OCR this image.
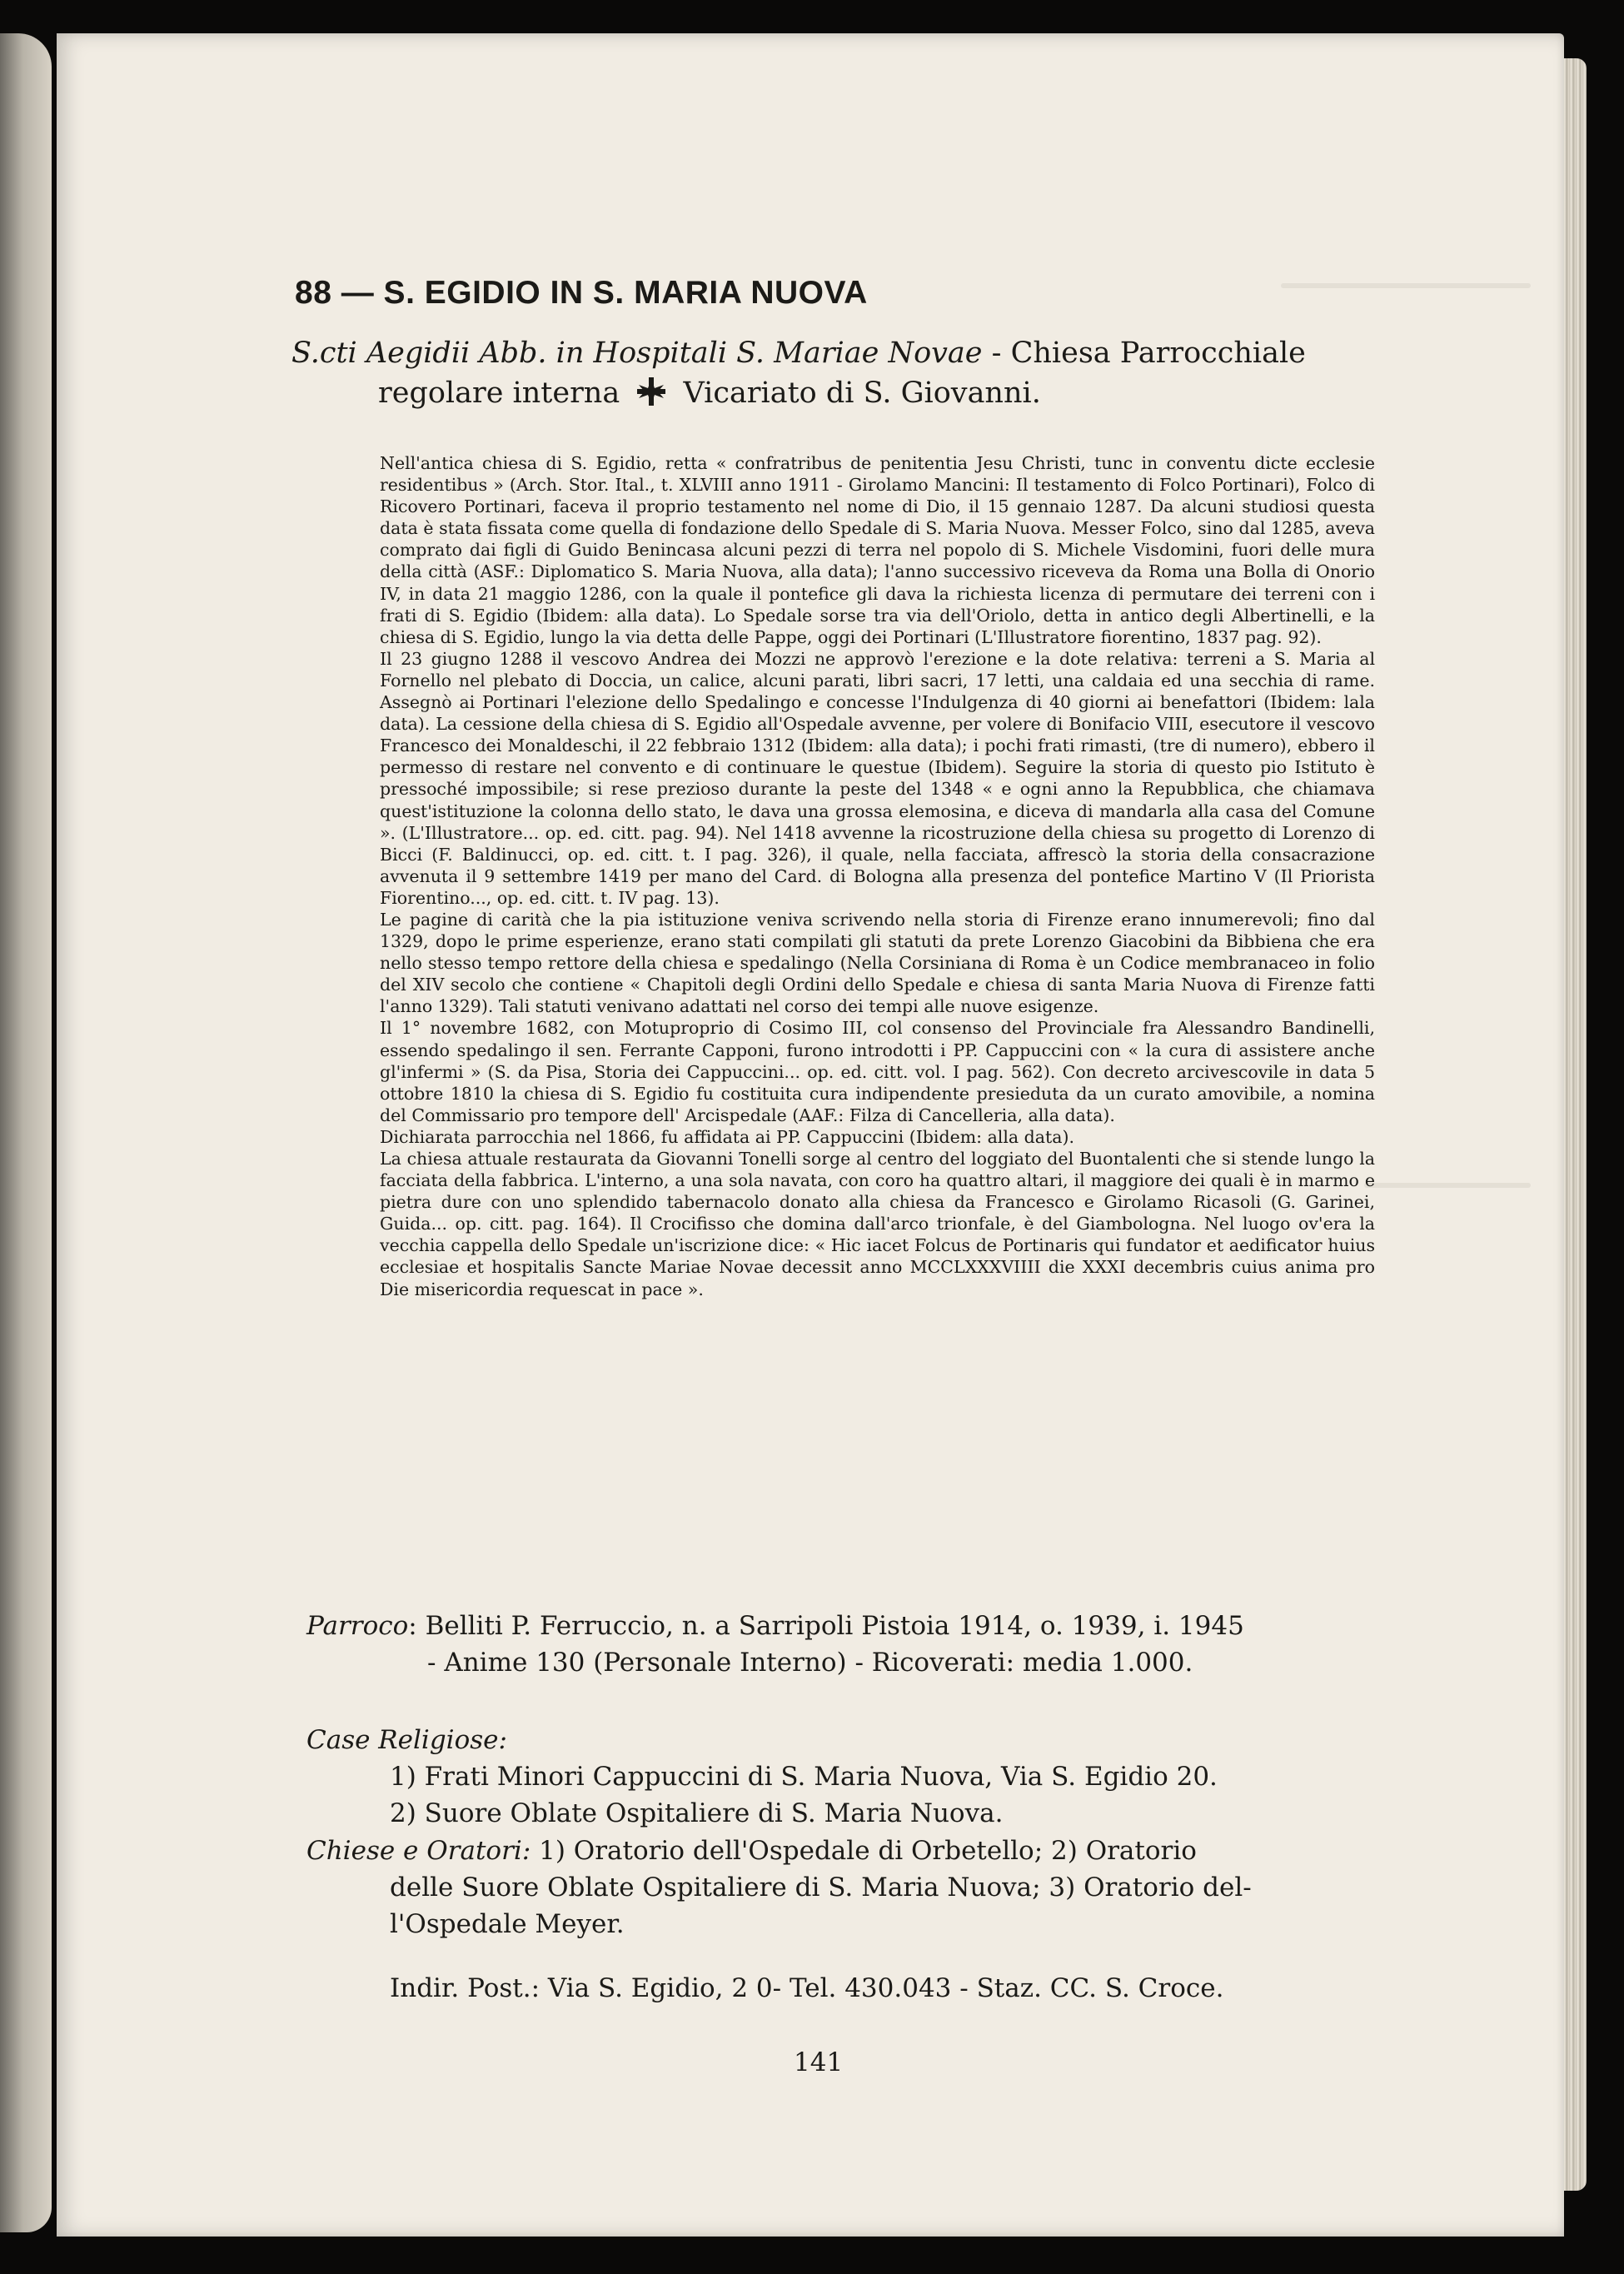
88 — S. EGIDIO IN S. MARIA NUOVA
S.cti Aegidii Abb. in Hospitali S. Mariae Novae - Chiesa Parrocchiale
regolare interna Vicariato di S. Giovanni.

Nell'antica chiesa di S. Egidio, retta « confratribus de penitentia Jesu Christi, tunc in conventu dicte ecclesie residentibus » (Arch. Stor. Ital., t. XLVIII anno 1911 - Girolamo Mancini: Il testamento di Folco Portinari), Folco di Ricovero Portinari, faceva il proprio testamento nel nome di Dio, il 15 gennaio 1287. Da alcuni studiosi questa data è stata fissata come quella di fondazione dello Spedale di S. Maria Nuova. Messer Folco, sino dal 1285, aveva comprato dai figli di Guido Benincasa alcuni pezzi di terra nel popolo di S. Michele Visdomini, fuori delle mura della città (ASF.: Diplomatico S. Maria Nuova, alla data); l'anno successivo riceveva da Roma una Bolla di Onorio IV, in data 21 maggio 1286, con la quale il pontefice gli dava la richiesta licenza di permutare dei terreni con i frati di S. Egidio (Ibidem: alla data). Lo Spedale sorse tra via dell'Oriolo, detta in antico degli Albertinelli, e la chiesa di S. Egidio, lungo la via detta delle Pappe, oggi dei Portinari (L'Illustratore fiorentino, 1837 pag. 92).

Il 23 giugno 1288 il vescovo Andrea dei Mozzi ne approvò l'erezione e la dote relativa: terreni a S. Maria al Fornello nel plebato di Doccia, un calice, alcuni parati, libri sacri, 17 letti, una caldaia ed una secchia di rame. Assegnò ai Portinari l'elezione dello Spedalingo e concesse l'Indulgenza di 40 giorni ai benefattori (Ibidem: lala data). La cessione della chiesa di S. Egidio all'Ospedale avvenne, per volere di Bonifacio VIII, esecutore il vescovo Francesco dei Monaldeschi, il 22 febbraio 1312 (Ibidem: alla data); i pochi frati rimasti, (tre di numero), ebbero il permesso di restare nel convento e di continuare le questue (Ibidem). Seguire la storia di questo pio Istituto è pressoché impossibile; si rese prezioso durante la peste del 1348 « e ogni anno la Repubblica, che chiamava quest'istituzione la colonna dello stato, le dava una grossa elemosina, e diceva di mandarla alla casa del Comune ». (L'Illustratore... op. ed. citt. pag. 94). Nel 1418 avvenne la ricostruzione della chiesa su progetto di Lorenzo di Bicci (F. Baldinucci, op. ed. citt. t. I pag. 326), il quale, nella facciata, affrescò la storia della consacrazione avvenuta il 9 settembre 1419 per mano del Card. di Bologna alla presenza del pontefice Martino V (Il Priorista Fiorentino..., op. ed. citt. t. IV pag. 13).

Le pagine di carità che la pia istituzione veniva scrivendo nella storia di Firenze erano innumerevoli; fino dal 1329, dopo le prime esperienze, erano stati compilati gli statuti da prete Lorenzo Giacobini da Bibbiena che era nello stesso tempo rettore della chiesa e spedalingo (Nella Corsiniana di Roma è un Codice membranaceo in folio del XIV secolo che contiene « Chapitoli degli Ordini dello Spedale e chiesa di santa Maria Nuova di Firenze fatti l'anno 1329). Tali statuti venivano adattati nel corso dei tempi alle nuove esigenze.

Il 1° novembre 1682, con Motuproprio di Cosimo III, col consenso del Provinciale fra Alessandro Bandinelli, essendo spedalingo il sen. Ferrante Capponi, furono introdotti i PP. Cappuccini con « la cura di assistere anche gl'infermi » (S. da Pisa, Storia dei Cappuccini... op. ed. citt. vol. I pag. 562). Con decreto arcivescovile in data 5 ottobre 1810 la chiesa di S. Egidio fu costituita cura indipendente presieduta da un curato amovibile, a nomina del Commissario pro tempore dell' Arcispedale (AAF.: Filza di Cancelleria, alla data).

Dichiarata parrocchia nel 1866, fu affidata ai PP. Cappuccini (Ibidem: alla data).

La chiesa attuale restaurata da Giovanni Tonelli sorge al centro del loggiato del Buontalenti che si stende lungo la facciata della fabbrica. L'interno, a una sola navata, con coro ha quattro altari, il maggiore dei quali è in marmo e pietra dure con uno splendido tabernacolo donato alla chiesa da Francesco e Girolamo Ricasoli (G. Garinei, Guida... op. citt. pag. 164). Il Crocifisso che domina dall'arco trionfale, è del Giambologna. Nel luogo ov'era la vecchia cappella dello Spedale un'iscrizione dice: « Hic iacet Folcus de Portinaris qui fundator et aedificator huius ecclesiae et hospitalis Sancte Mariae Novae decessit anno MCCLXXXVIIII die XXXI decembris cuius anima pro Die misericordia requescat in pace ».

Parroco: Belliti P. Ferruccio, n. a Sarripoli Pistoia 1914, o. 1939, i. 1945
- Anime 130 (Personale Interno) - Ricoverati: media 1.000.
Case Religiose:
1) Frati Minori Cappuccini di S. Maria Nuova, Via S. Egidio 20.
2) Suore Oblate Ospitaliere di S. Maria Nuova.
Chiese e Oratori: 1) Oratorio dell'Ospedale di Orbetello; 2) Oratorio
delle Suore Oblate Ospitaliere di S. Maria Nuova; 3) Oratorio del-
l'Ospedale Meyer.
Indir. Post.: Via S. Egidio, 2 0- Tel. 430.043 - Staz. CC. S. Croce.
141
